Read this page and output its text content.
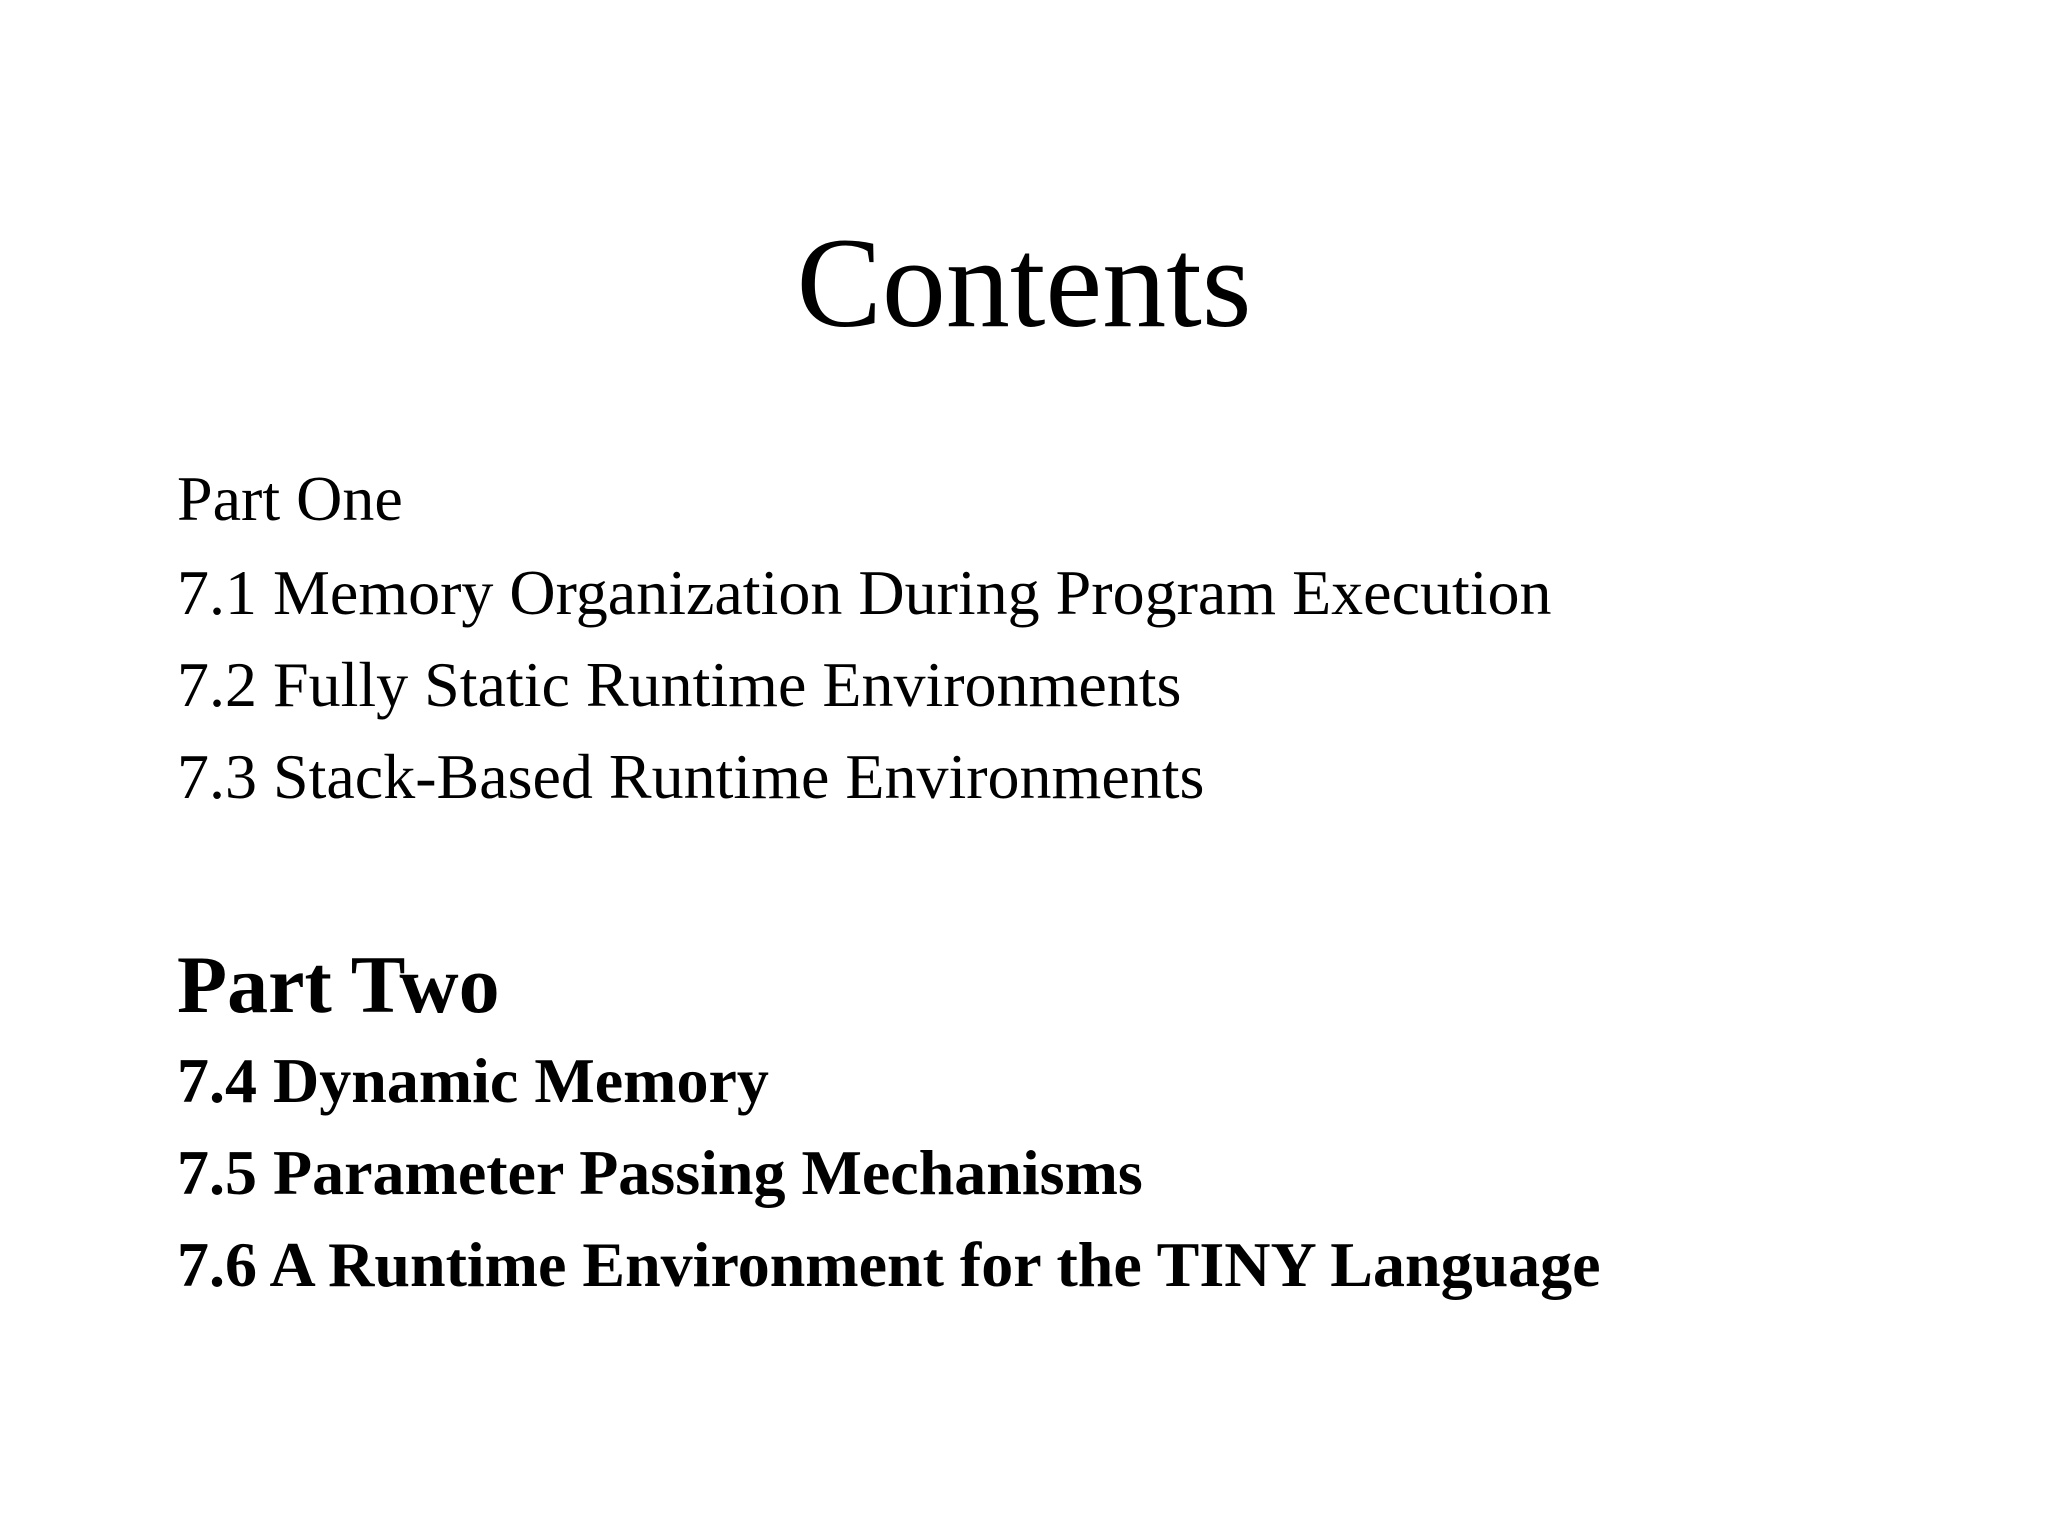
Contents
Part One
7.1 Memory Organization During Program Execution
7.2 Fully Static Runtime Environments
7.3 Stack-Based Runtime Environments
Part Two
7.4 Dynamic Memory
7.5 Parameter Passing Mechanisms
7.6 A Runtime Environment for the TINY Language
